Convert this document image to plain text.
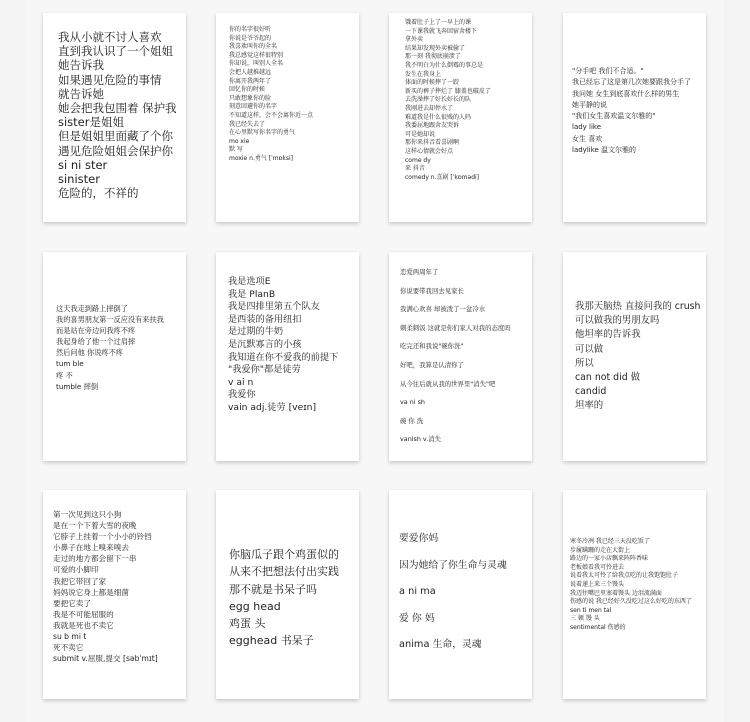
我从小就不讨人喜欢
直到我认识了一个姐姐
她告诉我
如果遇见危险的事情
就告诉她
她会把我包围着 保护我
sister是姐姐
但是姐姐里面藏了个你
遇见危险姐姐会保护你
si ni ster
sinister
危险的，不祥的
你的名字很好听
你说是爷爷起的
我喜欢叫你的全名
我总感觉这样很特别
你却说，叫别人全名
会把人越推越远
你离开我两年了
回忆你的时候
只敢想象你的脸
刻意回避你的名字
不知道这样，会不会离你近一点
我已经失去了
在心里默写你名字的勇气
mo xie
默 写
moxie n.勇气 [ˈmɒksi]
饿着肚子上了一早上的课
一下课我就飞奔回宿舍楼下
拿外卖
结果却发现外卖被偷了
那一刻 我彻底崩溃了
我不明白为什么倒霉的事总是
发生在我身上
体面的时候摔了一跤
新买的裤子摔烂了 膝盖也破皮了
去洗澡摔了好长好长的队
我刚进去却停水了
难道我是什么很贱的人吗
我委屈地跟舍友哭诉
可是她却说
那你来抖音看喜剧啊
这样心情就会好点
come dy
来 抖音
comedy n.喜剧 [ˈkɒmədi]
"分手吧 我们不合适。"
我已经忘了这是第几次她要跟我分手了
我问她 女生到底喜欢什么样的男生
她平静的说
"我们女生喜欢温文尔雅的"
lady like
女生 喜欢
ladylike 温文尔雅的
这天我走到路上摔倒了
我的喜男朋友第一反应没有来扶我
而是站在旁边问我疼不疼
我起身给了他一个过肩摔
然后问他 你说疼不疼
tum ble
疼 不
tumble 摔倒
我是选项E
我是 PlanB
我是四排里第五个队友
是西装的备用纽扣
是过期的牛奶
是沉默寡言的小孩
我知道在你不爱我的前提下
"我爱你"都是徒劳
v ai n
我爱你
vain adj.徒劳 [veɪn]
恋爱两周年了
你说要带我回去见家长
我满心欢喜 却被泼了一盆冷水
刺柔刺饭 这就是你们家人对我的态度吗
吃完还和我说"碗你洗"
好吧，我算是认清你了
从今往后就从我的世界里"消失"吧
va ni sh
碗 你 洗
vanish v.消失
我那天脑热 直接问我的 crush
可以做我的男朋友吗
他坦率的告诉我
可以做
所以
can not did 做
candid
坦率的
第一次见到这只小狗
是在一个下着大雪的夜晚
它脖子上挂着一个小小的铃铛
小鼻子在地上嗅来嗅去
走过的地方都会留下一串
可爱的小脚印
我把它带回了家
妈妈说它身上都是细菌
要把它卖了
我是不可能屈服的
我就是死也不卖它
su b mi t
死不卖它
submit v.屈服,提交 [səbˈmɪt]
你脑瓜子跟个鸡蛋似的
从来不把想法付出实践
那不就是书呆子吗
egg head
鸡蛋 头
egghead 书呆子
要爱你妈
因为她给了你生命与灵魂
a ni ma
爱 你 妈
anima 生命，灵魂
寒冬冷冽 我已经三天没吃饭了
步履蹒跚的走在大街上
路边的一家小店飘来阵阵香味
老板娘看我可怜进去
说看我太可怜了给我点吃的让我饱饱肚子
说着递上来三个馒头
我迈往嘴巴里塞着馒头 边泪流满面
伤感的说 我已经好久没吃过这么好吃的东西了
sen ti men tal
三 顿 馒 头
sentimental 伤感的
